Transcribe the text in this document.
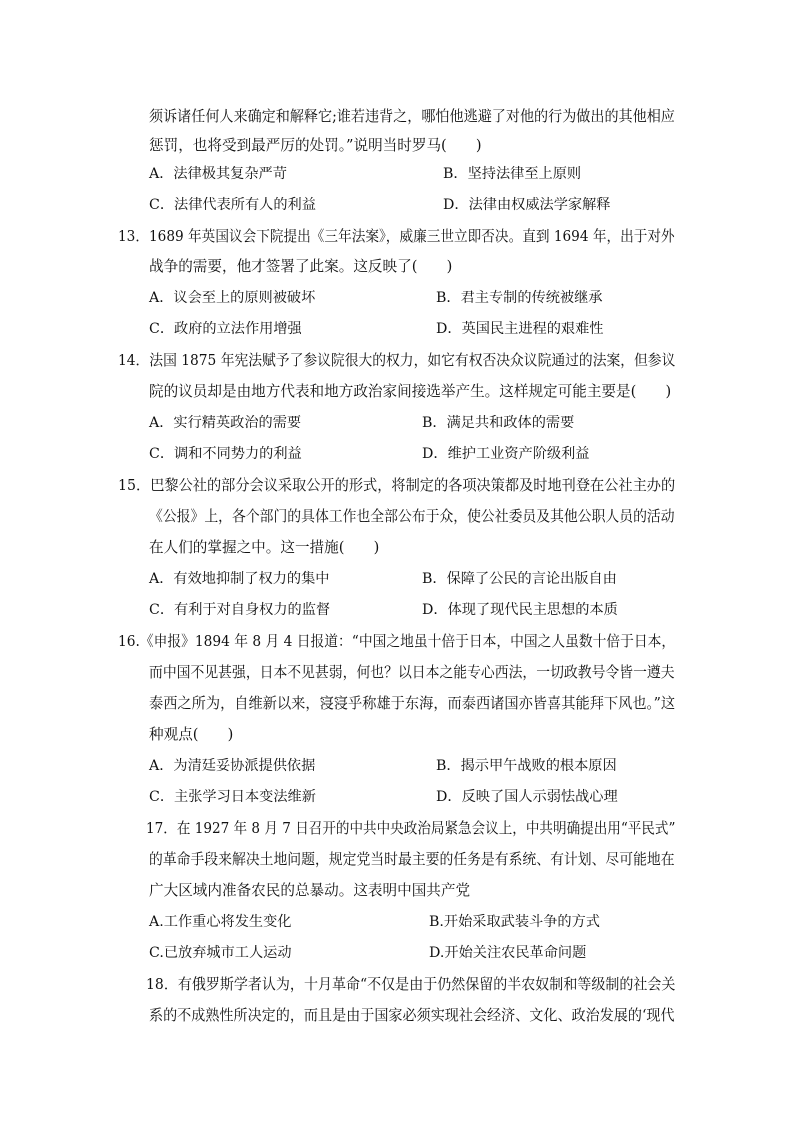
须诉诸任何人来确定和解释它;谁若违背之，哪怕他逃避了对他的行为做出的其他相应
惩罚，也将受到最严厉的处罚。”说明当时罗马(　　)
A．法律极其复杂严苛	B．坚持法律至上原则
C．法律代表所有人的利益	D．法律由权威法学家解释
13．1689 年英国议会下院提出《三年法案》，威廉三世立即否决。直到 1694 年，出于对外
战争的需要，他才签署了此案。这反映了(　　)
A．议会至上的原则被破坏	B．君主专制的传统被继承
C．政府的立法作用增强	D．英国民主进程的艰难性
14．法国 1875 年宪法赋予了参议院很大的权力，如它有权否决众议院通过的法案，但参议
院的议员却是由地方代表和地方政治家间接选举产生。这样规定可能主要是(　　)
A．实行精英政治的需要	B．满足共和政体的需要
C．调和不同势力的利益	D．维护工业资产阶级利益
15．巴黎公社的部分会议采取公开的形式，将制定的各项决策都及时地刊登在公社主办的
《公报》上，各个部门的具体工作也全部公布于众，使公社委员及其他公职人员的活动
在人们的掌握之中。这一措施(　　)
A．有效地抑制了权力的集中	B．保障了公民的言论出版自由
C．有利于对自身权力的监督	D．体现了现代民主思想的本质
16.《申报》1894 年 8 月 4 日报道：“中国之地虽十倍于日本，中国之人虽数十倍于日本，
而中国不见甚强，日本不见甚弱，何也？以日本之能专心西法，一切政教号令皆一遵夫
泰西之所为，自维新以来，寖寖乎称雄于东海，而泰西诸国亦皆喜其能拜下风也。”这
种观点(　　)
A．为清廷妥协派提供依据	B．揭示甲午战败的根本原因
C．主张学习日本变法维新	D．反映了国人示弱怯战心理
17．在 1927 年 8 月 7 日召开的中共中央政治局紧急会议上，中共明确提出用“平民式”
的革命手段来解决土地问题，规定党当时最主要的任务是有系统、有计划、尽可能地在
广大区域内准备农民的总暴动。这表明中国共产党
A.工作重心将发生变化	B.开始采取武装斗争的方式
C.已放弃城市工人运动	D.开始关注农民革命问题
18．有俄罗斯学者认为，十月革命“不仅是由于仍然保留的半农奴制和等级制的社会关
系的不成熟性所决定的，而且是由于国家必须实现社会经济、文化、政治发展的‘现代
